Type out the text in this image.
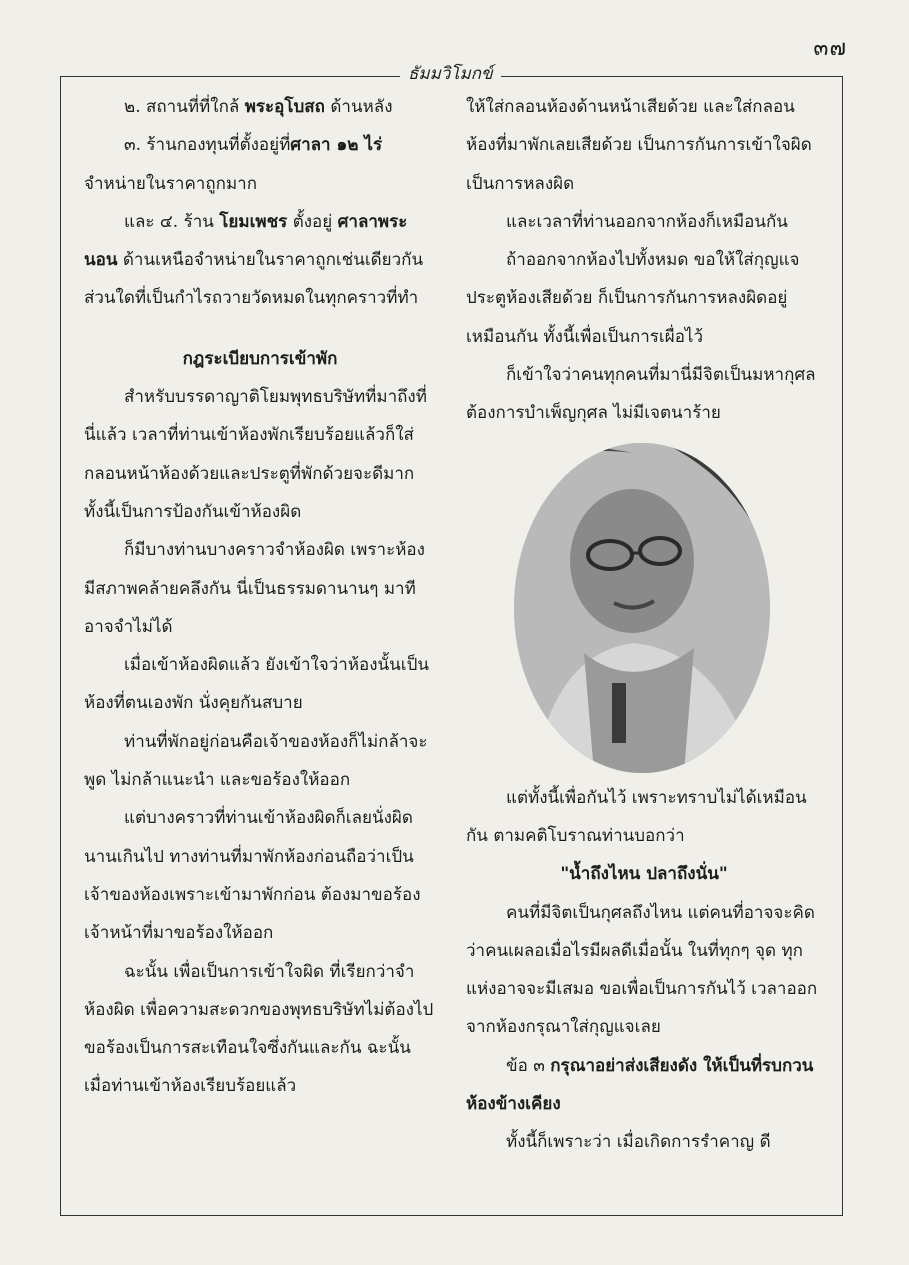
๓๗
ธัมมวิโมกข์

๒. สถานที่ที่ใกล้ พระอุโบสถ ด้านหลัง

๓. ร้านกองทุนที่ตั้งอยู่ที่ศาลา ๑๒ ไร่ จำหน่ายในราคาถูกมาก

และ ๔. ร้าน โยมเพชร ตั้งอยู่ ศาลาพระนอน ด้านเหนือจำหน่ายในราคาถูกเช่นเดียวกัน ส่วนใดที่เป็นกำไรถวายวัดหมดในทุกคราวที่ทำ

กฎระเบียบการเข้าพัก

สำหรับบรรดาญาติโยมพุทธบริษัทที่มาถึงที่นี่แล้ว เวลาที่ท่านเข้าห้องพักเรียบร้อยแล้วก็ใส่กลอนหน้าห้องด้วยและประตูที่พักด้วยจะดีมาก ทั้งนี้เป็นการป้องกันเข้าห้องผิด

ก็มีบางท่านบางคราวจำห้องผิด เพราะห้องมีสภาพคล้ายคลึงกัน นี่เป็นธรรมดานานๆ มาทีอาจจำไม่ได้

เมื่อเข้าห้องผิดแล้ว ยังเข้าใจว่าห้องนั้นเป็นห้องที่ตนเองพัก นั่งคุยกันสบาย

ท่านที่พักอยู่ก่อนคือเจ้าของห้องก็ไม่กล้าจะพูด ไม่กล้าแนะนำ และขอร้องให้ออก

แต่บางคราวที่ท่านเข้าห้องผิดก็เลยนั่งผิดนานเกินไป ทางท่านที่มาพักห้องก่อนถือว่าเป็นเจ้าของห้องเพราะเข้ามาพักก่อน ต้องมาขอร้องเจ้าหน้าที่มาขอร้องให้ออก

ฉะนั้น เพื่อเป็นการเข้าใจผิด ที่เรียกว่าจำห้องผิด เพื่อความสะดวกของพุทธบริษัทไม่ต้องไปขอร้องเป็นการสะเทือนใจซึ่งกันและกัน ฉะนั้น เมื่อท่านเข้าห้องเรียบร้อยแล้ว

ให้ใส่กลอนห้องด้านหน้าเสียด้วย และใส่กลอนห้องที่มาพักเลยเสียด้วย เป็นการกันการเข้าใจผิด เป็นการหลงผิด

และเวลาที่ท่านออกจากห้องก็เหมือนกัน

ถ้าออกจากห้องไปทั้งหมด ขอให้ใส่กุญแจประตูห้องเสียด้วย ก็เป็นการกันการหลงผิดอยู่เหมือนกัน ทั้งนี้เพื่อเป็นการเผื่อไว้

ก็เข้าใจว่าคนทุกคนที่มานี่มีจิตเป็นมหากุศลต้องการบำเพ็ญกุศล ไม่มีเจตนาร้าย

แต่ทั้งนี้เพื่อกันไว้ เพราะทราบไม่ได้เหมือนกัน ตามคติโบราณท่านบอกว่า

"น้ำถึงไหน ปลาถึงนั่น"

คนที่มีจิตเป็นกุศลถึงไหน แต่คนที่อาจจะคิดว่าคนเผลอเมื่อไรมีผลดีเมื่อนั้น ในที่ทุกๆ จุด ทุกแห่งอาจจะมีเสมอ ขอเพื่อเป็นการกันไว้ เวลาออกจากห้องกรุณาใส่กุญแจเลย

ข้อ ๓ กรุณาอย่าส่งเสียงดัง ให้เป็นที่รบกวนห้องข้างเคียง

ทั้งนี้ก็เพราะว่า เมื่อเกิดการรำคาญ ดี
